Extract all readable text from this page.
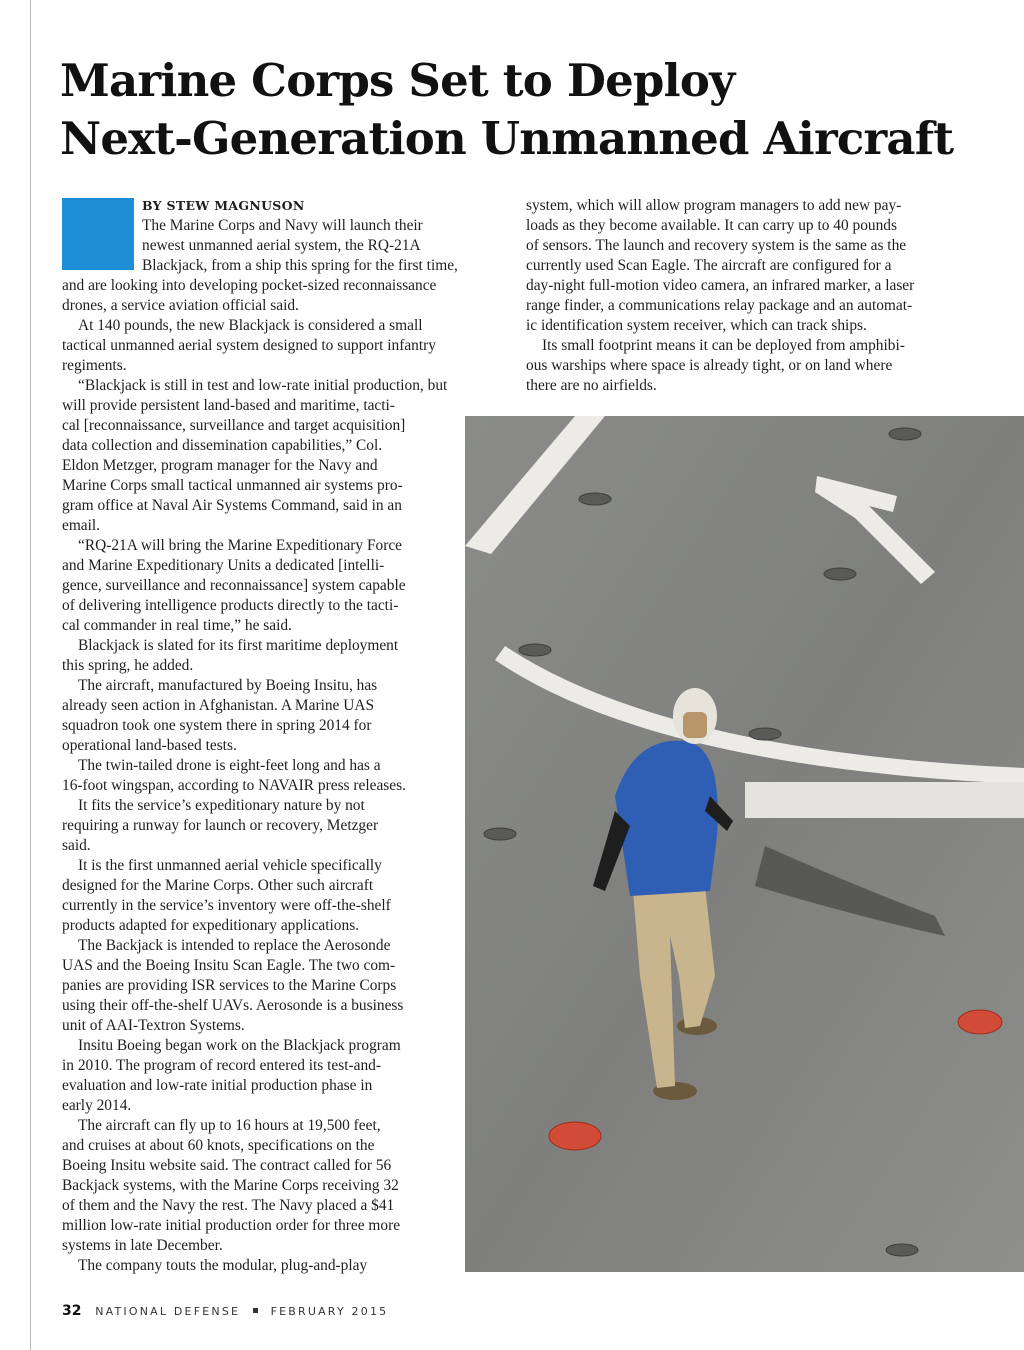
Marine Corps Set to Deploy
Next-Generation Unmanned Aircraft
BY STEW MAGNUSON
The Marine Corps and Navy will launch their
newest unmanned aerial system, the RQ-21A
Blackjack, from a ship this spring for the first time,
and are looking into developing pocket-sized reconnaissance
drones, a service aviation official said.
At 140 pounds, the new Blackjack is considered a small
tactical unmanned aerial system designed to support infantry
regiments.
“Blackjack is still in test and low-rate initial production, but
will provide persistent land-based and maritime, tacti-
cal [reconnaissance, surveillance and target acquisition]
data collection and dissemination capabilities,” Col.
Eldon Metzger, program manager for the Navy and
Marine Corps small tactical unmanned air systems pro-
gram office at Naval Air Systems Command, said in an
email.
“RQ-21A will bring the Marine Expeditionary Force
and Marine Expeditionary Units a dedicated [intelli-
gence, surveillance and reconnaissance] system capable
of delivering intelligence products directly to the tacti-
cal commander in real time,” he said.
Blackjack is slated for its first maritime deployment
this spring, he added.
The aircraft, manufactured by Boeing Insitu, has
already seen action in Afghanistan. A Marine UAS
squadron took one system there in spring 2014 for
operational land-based tests.
The twin-tailed drone is eight-feet long and has a
16-foot wingspan, according to NAVAIR press releases.
It fits the service’s expeditionary nature by not
requiring a runway for launch or recovery, Metzger
said.
It is the first unmanned aerial vehicle specifically
designed for the Marine Corps. Other such aircraft
currently in the service’s inventory were off-the-shelf
products adapted for expeditionary applications.
The Backjack is intended to replace the Aerosonde
UAS and the Boeing Insitu Scan Eagle. The two com-
panies are providing ISR services to the Marine Corps
using their off-the-shelf UAVs. Aerosonde is a business
unit of AAI-Textron Systems.
Insitu Boeing began work on the Blackjack program
in 2010. The program of record entered its test-and-
evaluation and low-rate initial production phase in
early 2014.
The aircraft can fly up to 16 hours at 19,500 feet,
and cruises at about 60 knots, specifications on the
Boeing Insitu website said. The contract called for 56
Backjack systems, with the Marine Corps receiving 32
of them and the Navy the rest. The Navy placed a $41
million low-rate initial production order for three more
systems in late December.
The company touts the modular, plug-and-play
system, which will allow program managers to add new pay-
loads as they become available. It can carry up to 40 pounds
of sensors. The launch and recovery system is the same as the
currently used Scan Eagle. The aircraft are configured for a
day-night full-motion video camera, an infrared marker, a laser
range finder, a communications relay package and an automat-
ic identification system receiver, which can track ships.
Its small footprint means it can be deployed from amphibi-
ous warships where space is already tight, or on land where
there are no airfields.
32 NATIONAL DEFENSE	FEBRUARY 2015
